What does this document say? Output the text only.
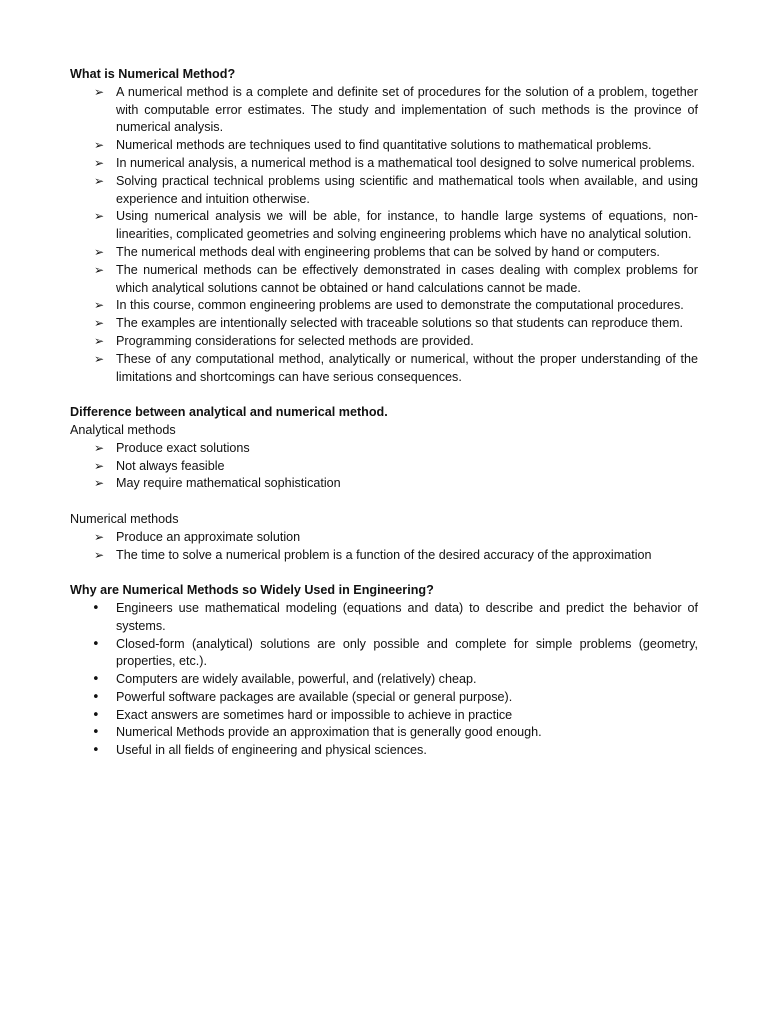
What is Numerical Method?

➢ A numerical method is a complete and definite set of procedures for the solution of a problem, together with computable error estimates. The study and implementation of such methods is the province of numerical analysis.
➢ Numerical methods are techniques used to find quantitative solutions to mathematical problems.
➢ In numerical analysis, a numerical method is a mathematical tool designed to solve numerical problems.
➢ Solving practical technical problems using scientific and mathematical tools when available, and using experience and intuition otherwise.
➢ Using numerical analysis we will be able, for instance, to handle large systems of equations, non-linearities, complicated geometries and solving engineering problems which have no analytical solution.
➢ The numerical methods deal with engineering problems that can be solved by hand or computers.
➢ The numerical methods can be effectively demonstrated in cases dealing with complex problems for which analytical solutions cannot be obtained or hand calculations cannot be made.
➢ In this course, common engineering problems are used to demonstrate the computational procedures.
➢ The examples are intentionally selected with traceable solutions so that students can reproduce them.
➢ Programming considerations for selected methods are provided.
➢ These of any computational method, analytically or numerical, without the proper understanding of the limitations and shortcomings can have serious consequences.

Difference between analytical and numerical method.

Analytical methods

➢ Produce exact solutions
➢ Not always feasible
➢ May require mathematical sophistication

Numerical methods

➢ Produce an approximate solution
➢ The time to solve a numerical problem is a function of the desired accuracy of the approximation

Why are Numerical Methods so Widely Used in Engineering?

•	Engineers use mathematical modeling (equations and data) to describe and predict the behavior of systems.
•	Closed-form (analytical) solutions are only possible and complete for simple problems (geometry, properties, etc.).
•	Computers are widely available, powerful, and (relatively) cheap.
•	Powerful software packages are available (special or general purpose).
•	Exact answers are sometimes hard or impossible to achieve in practice
•	Numerical Methods provide an approximation that is generally good enough.
•	Useful in all fields of engineering and physical sciences.
